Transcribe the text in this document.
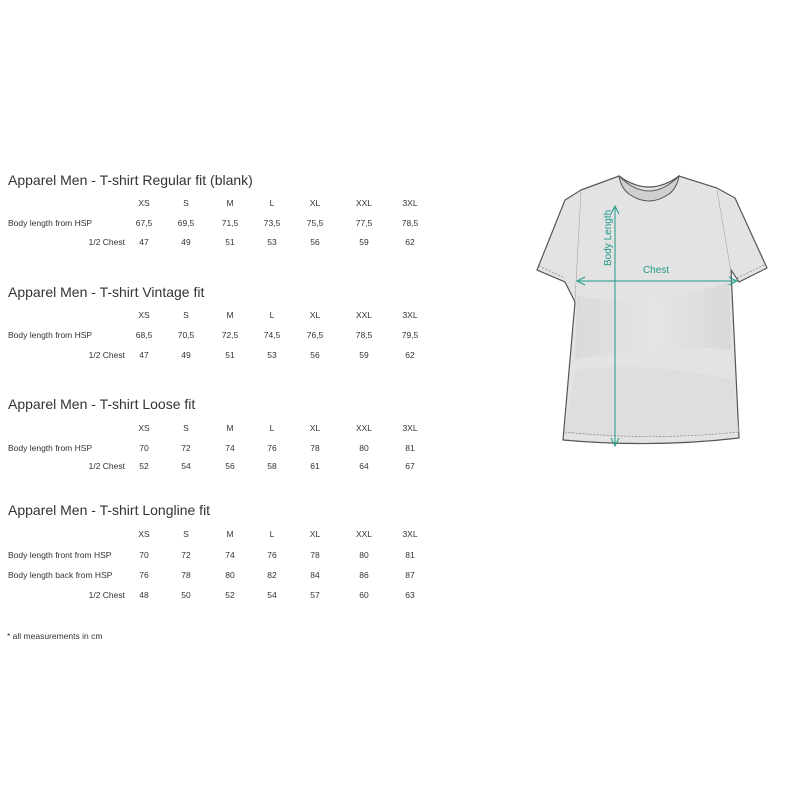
Apparel Men - T-shirt Regular fit (blank)
XS	S	M	L	XL	XXL	3XL
Body length from HSP	67,5	69,5	71,5	73,5	75,5	77,5	78,5
1/2 Chest	47	49	51	53	56	59	62
Apparel Men - T-shirt Vintage fit
XS	S	M	L	XL	XXL	3XL
Body length from HSP	68,5	70,5	72,5	74,5	76,5	78,5	79,5
1/2 Chest	47	49	51	53	56	59	62
Apparel Men - T-shirt Loose fit
XS	S	M	L	XL	XXL	3XL
Body length from HSP	70	72	74	76	78	80	81
1/2 Chest	52	54	56	58	61	64	67
Apparel Men - T-shirt Longline fit
XS	S	M	L	XL	XXL	3XL
Body length front from HSP	70	72	74	76	78	80	81
Body length back from HSP	76	78	80	82	84	86	87
1/2 Chest	48	50	52	54	57	60	63
* all measurements in cm
Body Length
Chest
